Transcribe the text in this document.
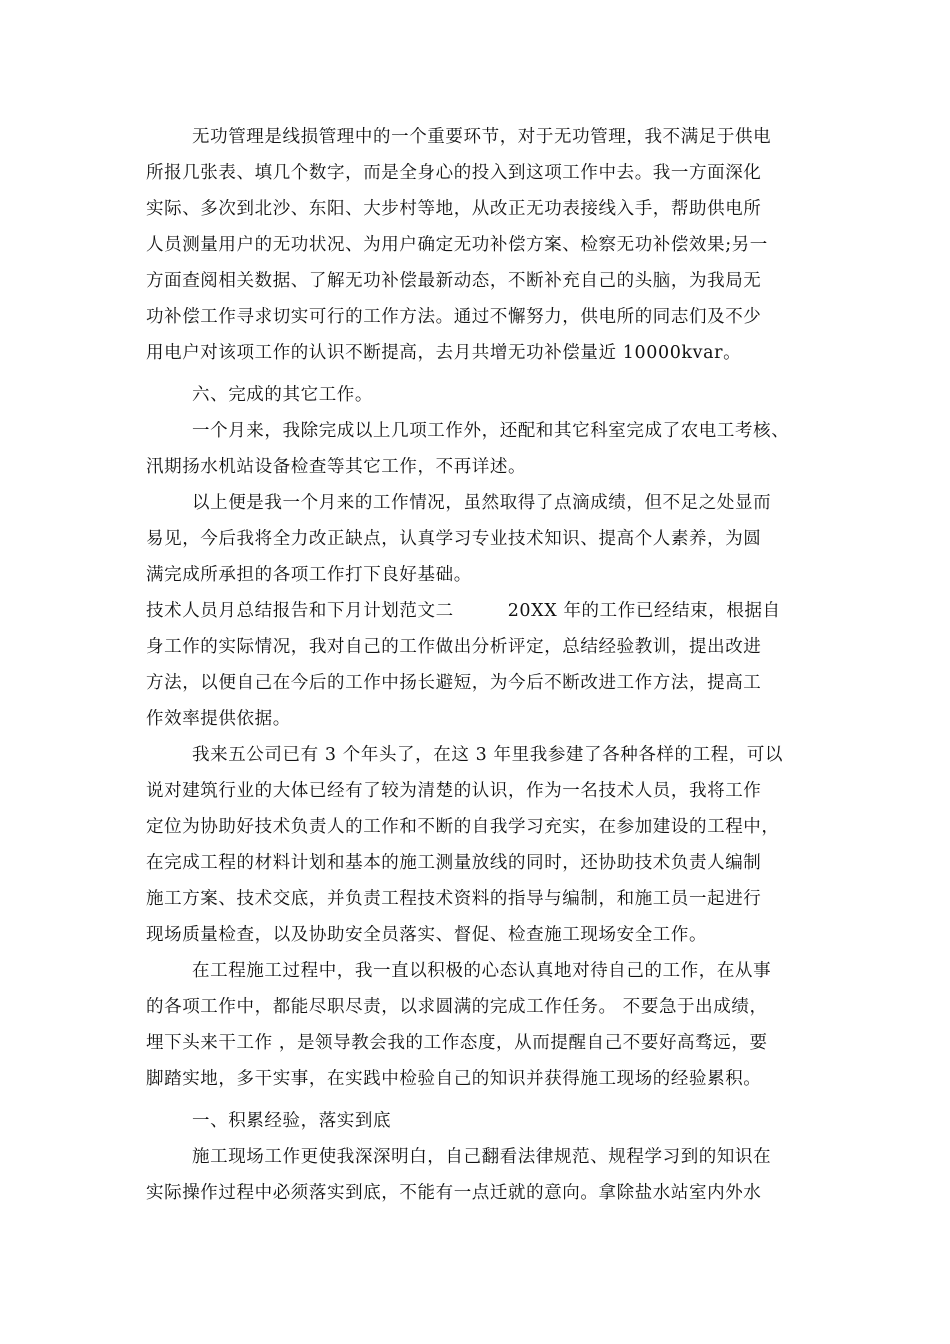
无功管理是线损管理中的一个重要环节，对于无功管理，我不满足于供电
所报几张表、填几个数字，而是全身心的投入到这项工作中去。我一方面深化
实际、多次到北沙、东阳、大步村等地，从改正无功表接线入手，帮助供电所
人员测量用户的无功状况、为用户确定无功补偿方案、检察无功补偿效果;另一
方面查阅相关数据、了解无功补偿最新动态，不断补充自己的头脑，为我局无
功补偿工作寻求切实可行的工作方法。通过不懈努力，供电所的同志们及不少
用电户对该项工作的认识不断提高，去月共增无功补偿量近 10000kvar。
六、完成的其它工作。
一个月来，我除完成以上几项工作外，还配和其它科室完成了农电工考核、
汛期扬水机站设备检查等其它工作，不再详述。
以上便是我一个月来的工作情况，虽然取得了点滴成绩，但不足之处显而
易见，今后我将全力改正缺点，认真学习专业技术知识、提高个人素养，为圆
满完成所承担的各项工作打下良好基础。
技术人员月总结报告和下月计划范文二	20XX 年的工作已经结束，根据自
身工作的实际情况，我对自己的工作做出分析评定，总结经验教训，提出改进
方法，以便自己在今后的工作中扬长避短，为今后不断改进工作方法，提高工
作效率提供依据。
我来五公司已有 3 个年头了，在这 3 年里我参建了各种各样的工程，可以
说对建筑行业的大体已经有了较为清楚的认识，作为一名技术人员，我将工作
定位为协助好技术负责人的工作和不断的自我学习充实，在参加建设的工程中，
在完成工程的材料计划和基本的施工测量放线的同时，还协助技术负责人编制
施工方案、技术交底，并负责工程技术资料的指导与编制，和施工员一起进行
现场质量检查，以及协助安全员落实、督促、检查施工现场安全工作。
在工程施工过程中，我一直以积极的心态认真地对待自己的工作，在从事
的各项工作中，都能尽职尽责，以求圆满的完成工作任务。 不要急于出成绩，
埋下头来干工作 ，是领导教会我的工作态度，从而提醒自己不要好高骛远，要
脚踏实地，多干实事，在实践中检验自己的知识并获得施工现场的经验累积。
一、积累经验，落实到底
施工现场工作更使我深深明白，自己翻看法律规范、规程学习到的知识在
实际操作过程中必须落实到底，不能有一点迁就的意向。拿除盐水站室内外水
